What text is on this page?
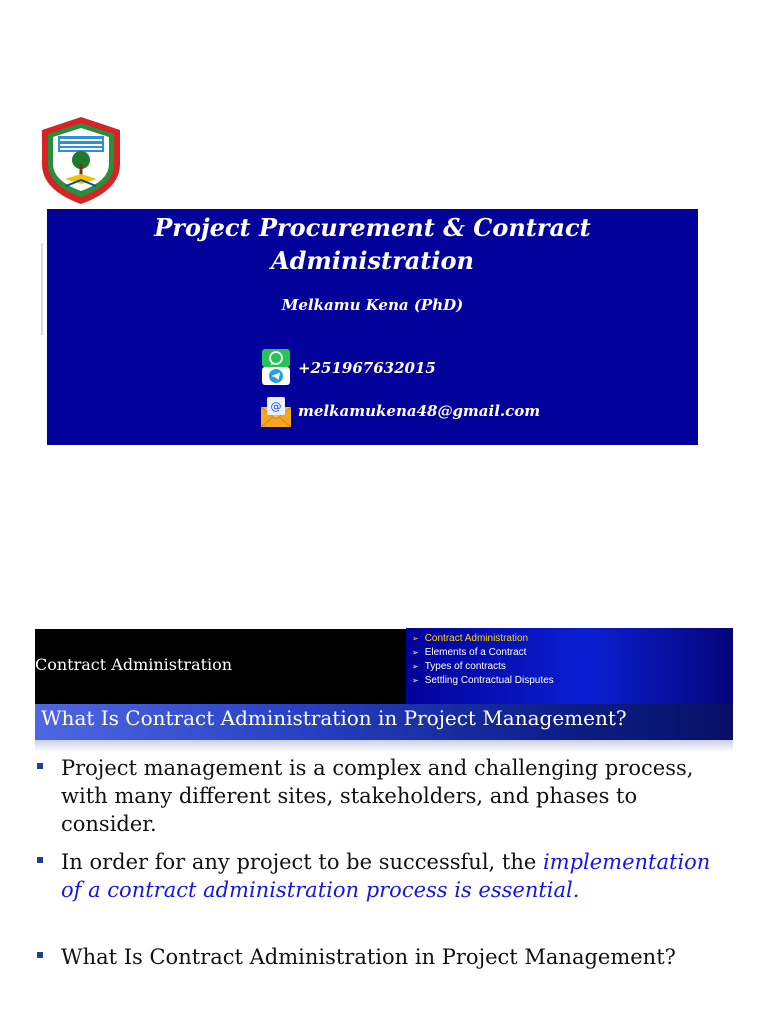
Project Procurement & Contract
Administration
Melkamu Kena (PhD)
+251967632015
@ melkamukena48@gmail.com
Contract Administration
➢ Contract Administration
➢ Elements of a Contract
➢ Types of contracts
➢ Settling Contractual Disputes
What Is Contract Administration in Project Management?
Project management is a complex and challenging process, with many different sites, stakeholders, and phases to consider.
In order for any project to be successful, the implementation of a contract administration process is essential.
What Is Contract Administration in Project Management?
